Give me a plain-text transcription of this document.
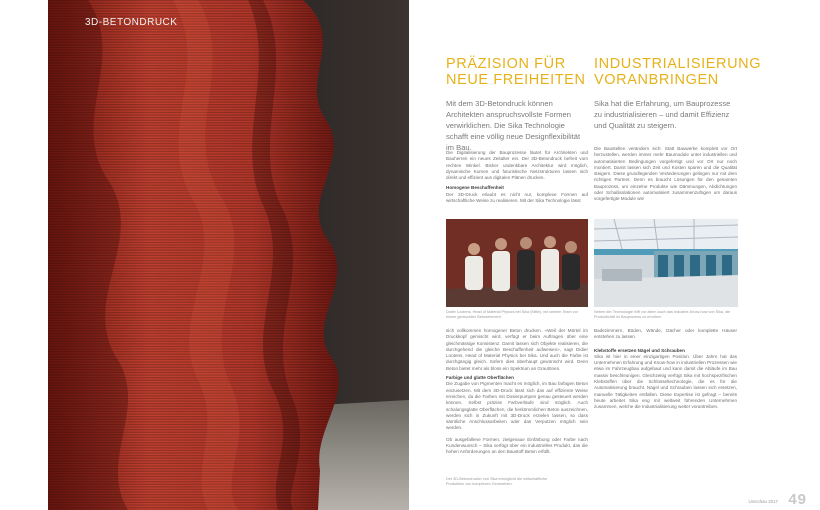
3D-BETONDRUCK
PRÄZISION FÜR
NEUE FREIHEITEN
INDUSTRIALISIERUNG
VORANBRINGEN

Mit dem 3D-Betondruck können Architekten anspruchsvollste Formen verwirklichen. Die Sika Technologie schafft eine völlig neue Designflexibilität im Bau.

Sika hat die Erfahrung, um Bauprozesse zu industrialisieren – und damit Effizienz und Qualität zu steigern.

Die Digitalisierung der Bauprozesse läutet für Architekten und Bauherren ein neues Zeitalter ein. Der 3D-Betondruck befreit vom rechten Winkel. Bisher undenkbare Architektur wird möglich, dynamische Kurven und futuristische Netzstrukturen lassen sich direkt und effizient aus digitalen Plänen drucken.

Homogene Beschaffenheit

Der 3D-Druck erlaubt es nicht nur, komplexe Formen auf wirtschaftliche Weise zu realisieren. Mit der Sika Technologie lässt

Die Baustellen verändern sich: Statt Bauwerke komplett vor Ort herzustellen, werden immer mehr Baumodule unter industriellen und automatisierten Bedingungen vorgefertigt und vor Ort nur noch montiert. Damit lassen sich Zeit und Kosten sparen und die Qualität steigern. Diese grundlegenden Veränderungen gelingen nur mit dem richtigen Partner. Denn es braucht Lösungen für den gesamten Bauprozess, um einzelne Produkte wie Dämmungen, Abdichtungen oder Schallisolationen automatisiert zusammenzufügen um daraus vorgefertigte Module wie

Didier Lootens, Head of Material Physics bei Sika (Mitte), mit seinem Team vor einem gedruckten Betonelement.

Neben der Technologie hilft vor allem auch das Industrie-Know-how von Sika, die Produktivität im Bauprozess zu erhöhen.

sich vollkommen homogener Beton drucken. «Weil der Mörtel im Druckkopf gemischt wird, verfügt er beim Auftragen über eine gleichmässige Konsistenz. Damit lassen sich Objekte realisieren, die durchgehend die gleiche Beschaffenheit aufweisen», sagt Didier Lootens, Head of Material Physics bei Sika. Und auch die Farbe ist durchgängig gleich. Sofern dies überhaupt gewünscht wird. Denn Beton bietet mehr als bloss ein Spektrum an Grautönen.

Farbige und glatte Oberflächen

Die Zugabe von Pigmenten macht es möglich, im Bau farbigen Beton einzusetzen. Mit dem 3D-Druck lässt sich das auf effiziente Weise erreichen, da die Farben mit Dosierpumpen genau gesteuert werden können. Selbst präzise Farbverläufe sind möglich. Auch schalungsglatte Oberflächen, die herkömmlichen Beton auszeichnen, werden sich in Zukunft mit 3D-Druck erzielen lassen, so dass sämtliche Anschlussarbeiten oder das Verputzen möglich sein werden.

Ob ausgefallene Formen, zielgenaue Einfärbung oder Farbe nach Kundenwunsch – Sika verfügt über ein industrielles Produkt, das die hohen Anforderungen an den Baustoff Beton erfüllt.

Der 3D-Betondrucker von Sika ermöglicht die wirtschaftliche Produktion von komplexen Geometrien.

Badezimmern, Böden, Wände, Dächer oder komplette Häuser entstehen zu lassen.

Klebstoffe ersetzen Nägel und Schrauben

Sika ist hier in einer einzigartigen Position. Über Jahre hat das Unternehmen Erfahrung und Know-how in industriellen Prozessen wie etwa im Fahrzeugbau aufgebaut und kann damit die Abläufe im Bau massiv beschleunigen. Gleichzeitig verfügt Sika mit hochspezifischen Klebstoffen über die Schlüsseltechnologie, die es für die Automatisierung braucht. Nägel und Schrauben lassen sich ersetzen, manuelle Tätigkeiten entfallen. Diese Expertise ist gefragt – bereits heute arbeitet Sika eng mit weltweit führenden Unternehmen zusammen, welche die Industrialisierung weiter vorantreiben.

Umschau 2017 49
